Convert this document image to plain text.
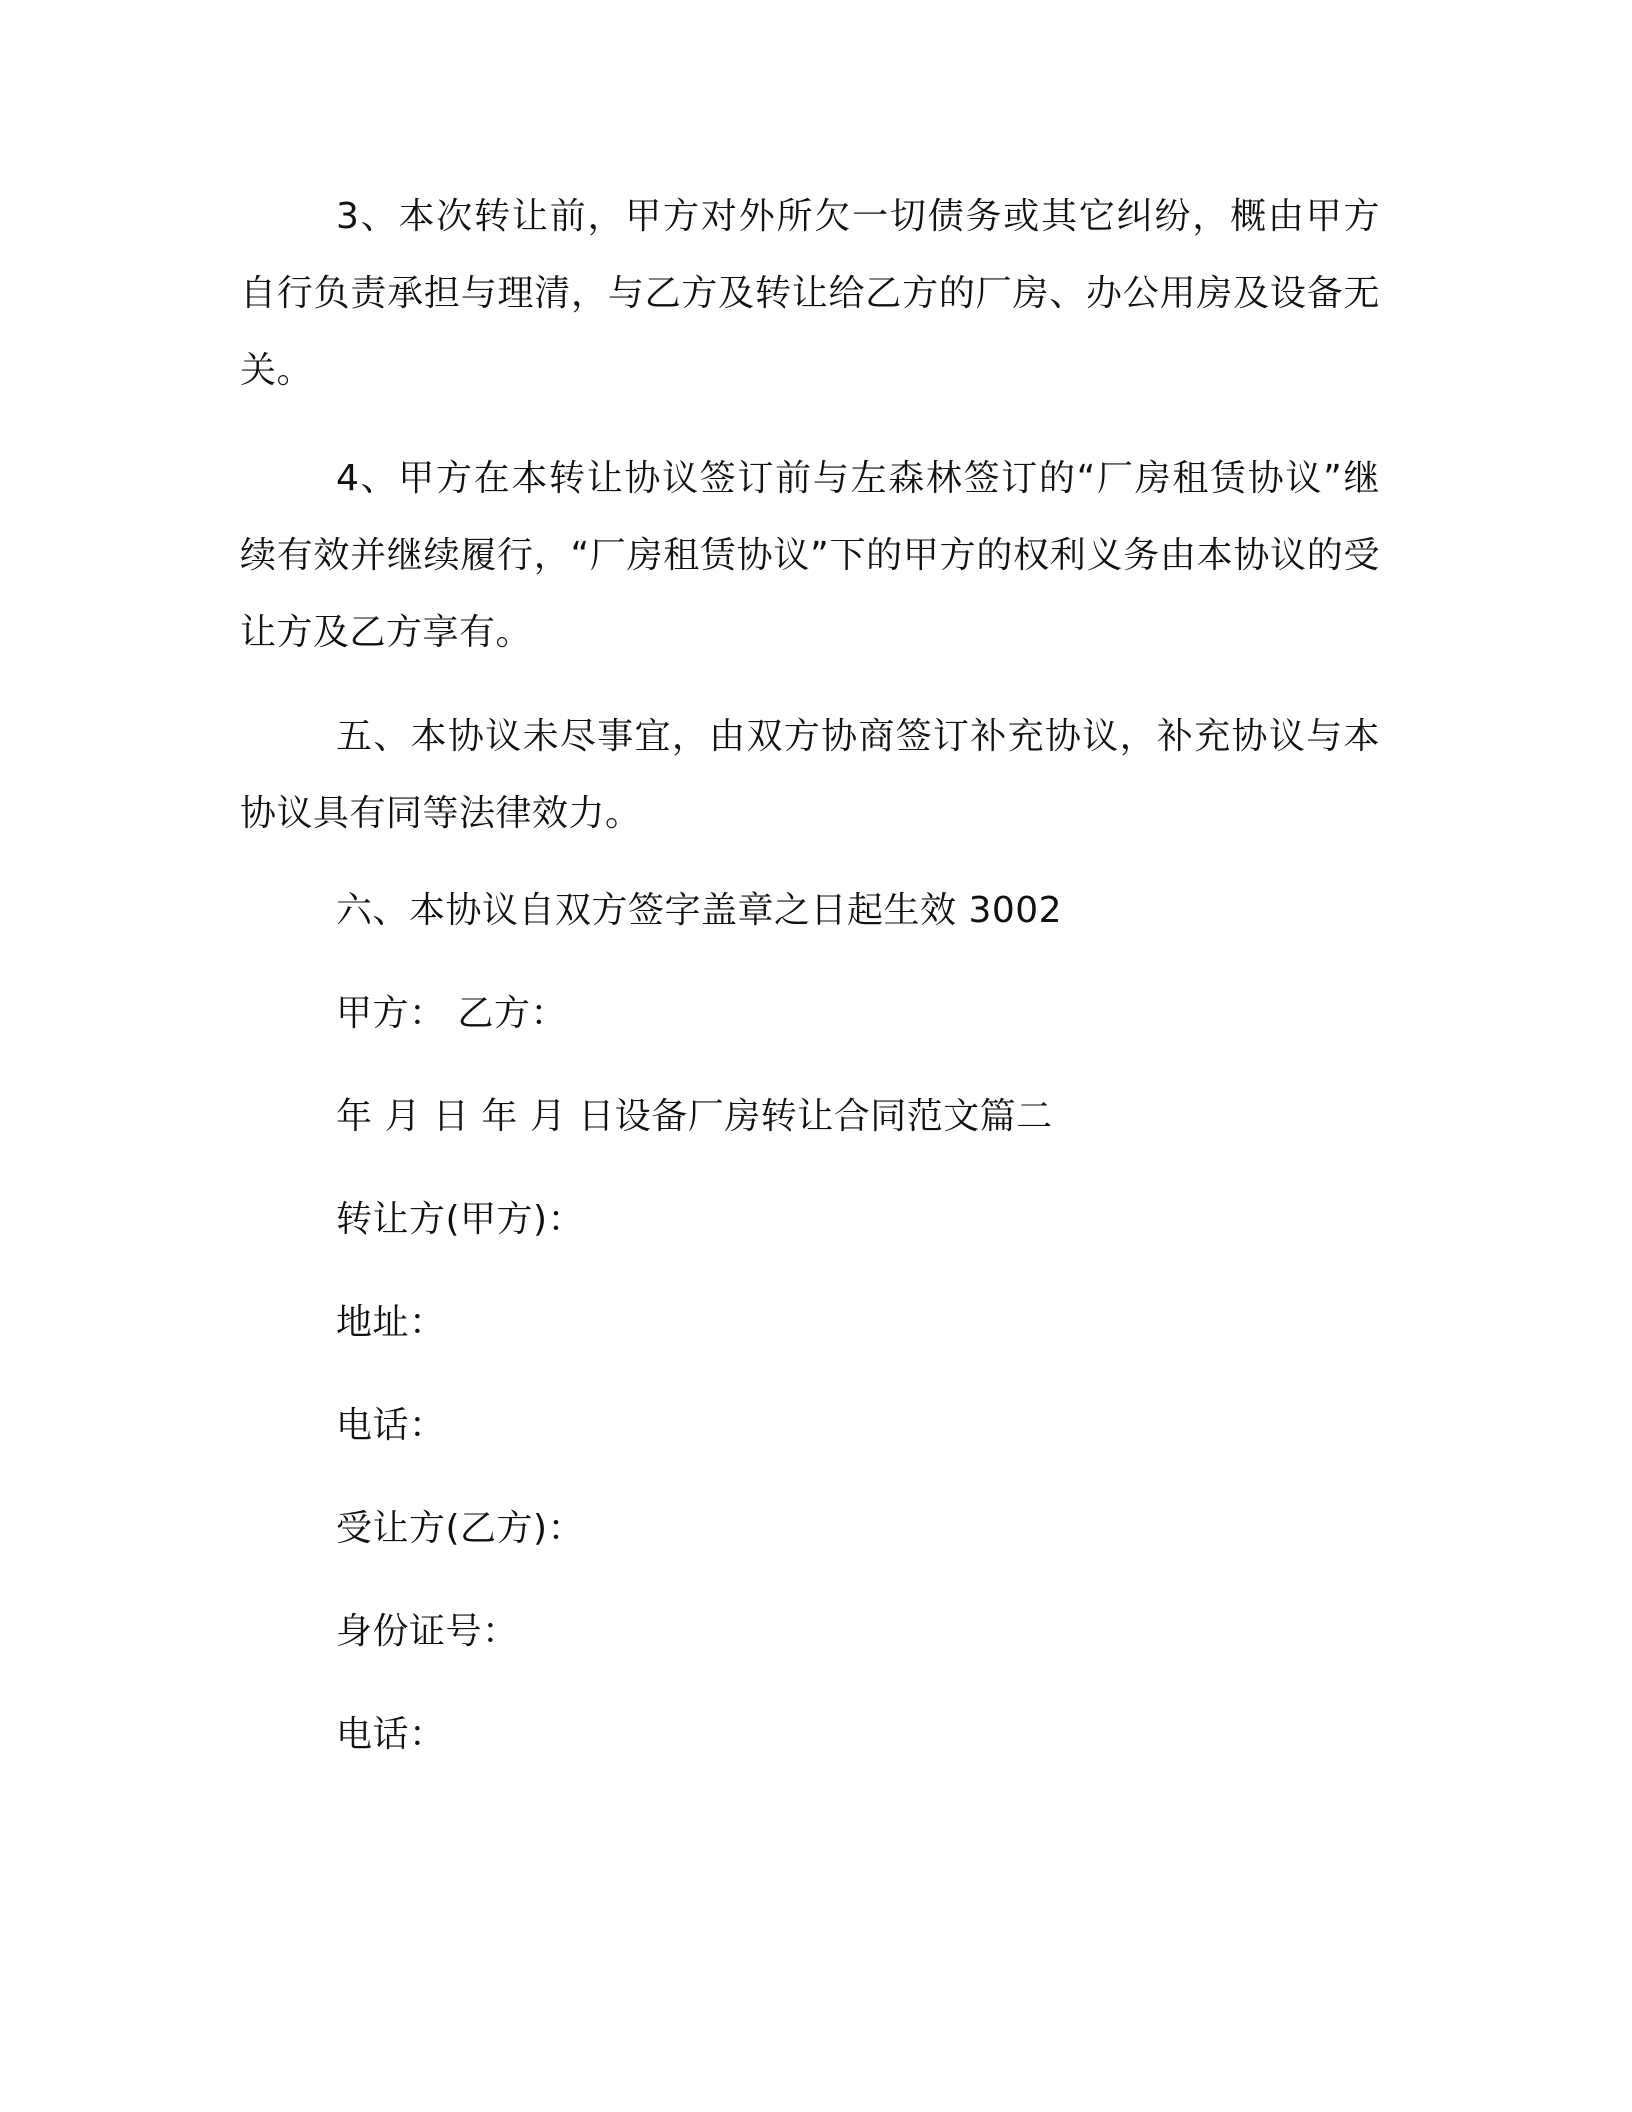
3、本次转让前，甲方对外所欠一切债务或其它纠纷，概由甲方自行负责承担与理清，与乙方及转让给乙方的厂房、办公用房及设备无关。

4、甲方在本转让协议签订前与左森林签订的“厂房租赁协议”继续有效并继续履行，“厂房租赁协议”下的甲方的权利义务由本协议的受让方及乙方享有。

五、本协议未尽事宜，由双方协商签订补充协议，补充协议与本协议具有同等法律效力。

六、本协议自双方签字盖章之日起生效 3002

甲方： 乙方：

年 月 日 年 月 日设备厂房转让合同范文篇二

转让方(甲方)：

地址：

电话：

受让方(乙方)：

身份证号：

电话：
